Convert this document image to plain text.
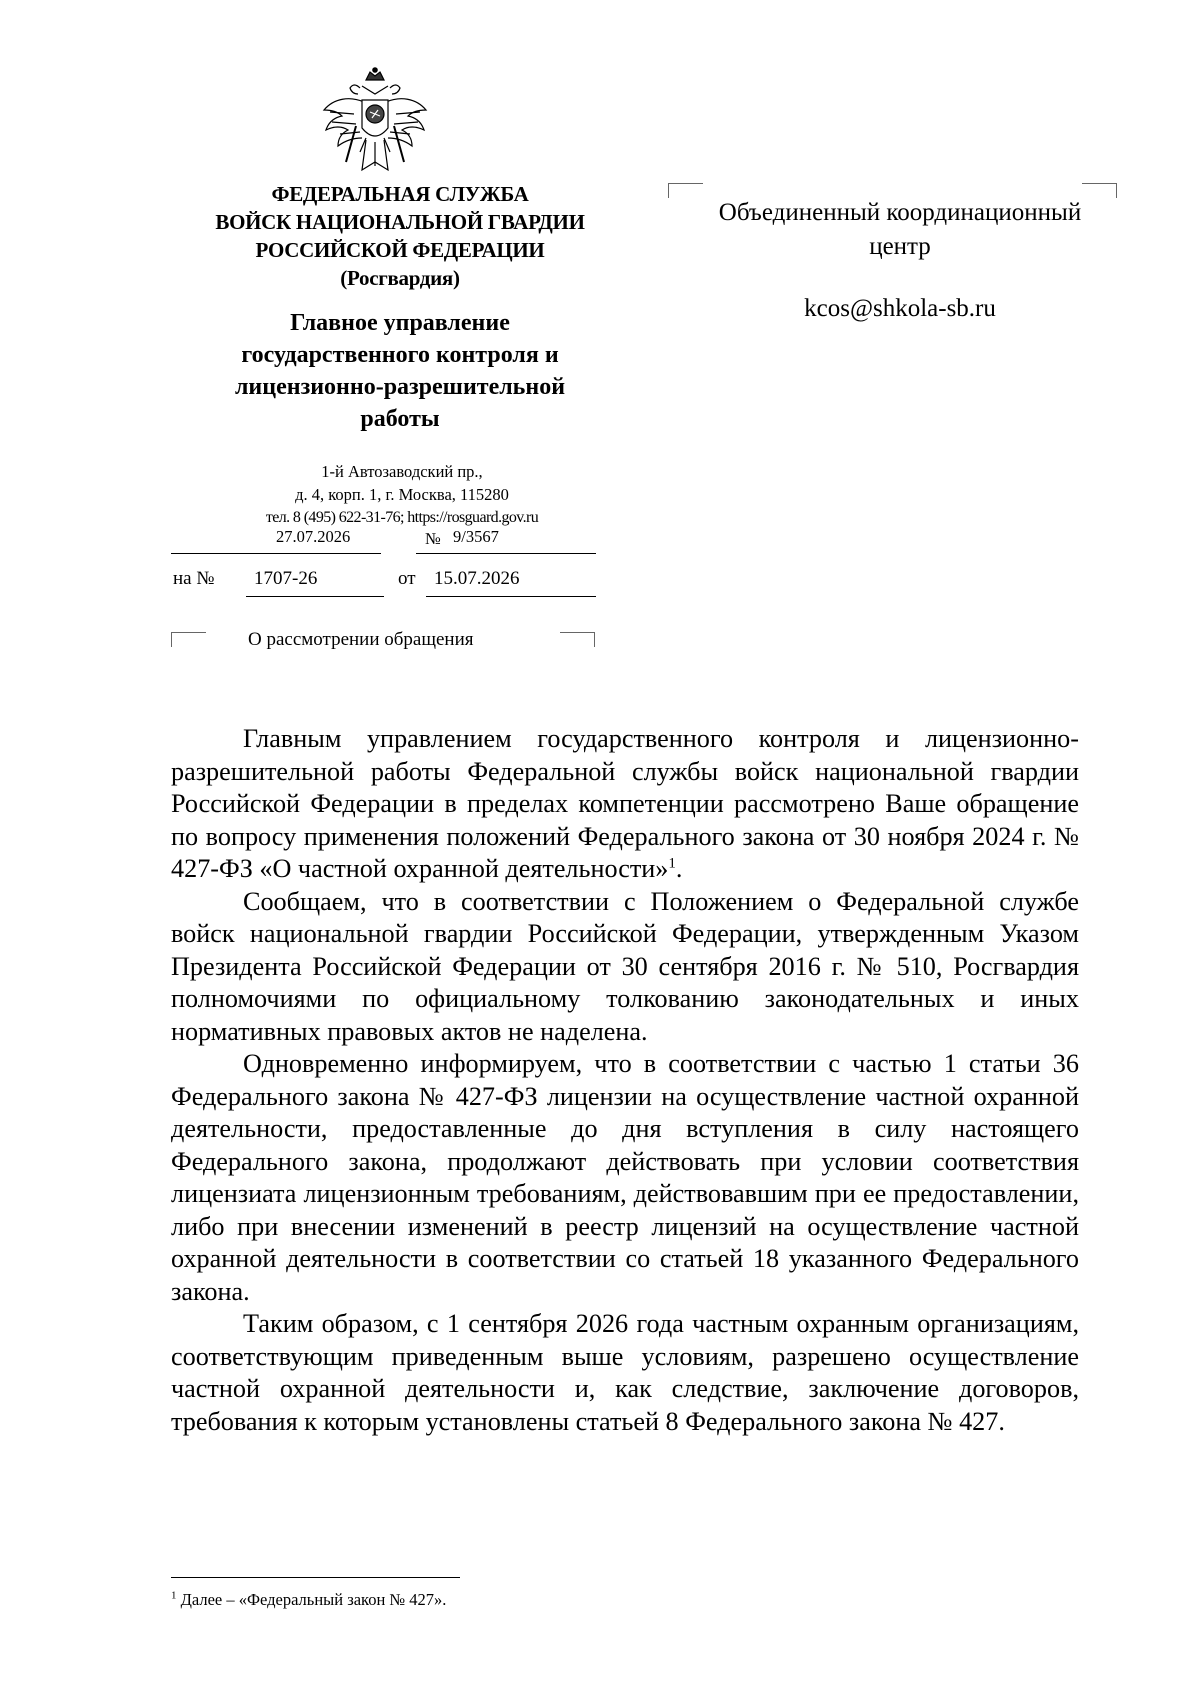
ФЕДЕРАЛЬНАЯ СЛУЖБА
ВОЙСК НАЦИОНАЛЬНОЙ ГВАРДИИ
РОССИЙСКОЙ ФЕДЕРАЦИИ
(Росгвардия)
Главное управление
государственного контроля и
лицензионно-разрешительной
работы
1-й Автозаводский пр.,
д. 4, корп. 1, г. Москва, 115280
тел. 8 (495) 622-31-76; https://rosguard.gov.ru
27.07.2026	№ 9/3567
на № 1707-26	от 15.07.2026
О рассмотрении обращения
Объединенный координационный
центр
kcos@shkola-sb.ru

Главным управлением государственного контроля и лицензионно-разрешительной работы Федеральной службы войск национальной гвардии Российской Федерации в пределах компетенции рассмотрено Ваше обращение по вопросу применения положений Федерального закона от 30 ноября 2024 г. № 427-ФЗ «О частной охранной деятельности»$^1$.

Сообщаем, что в соответствии с Положением о Федеральной службе войск национальной гвардии Российской Федерации, утвержденным Указом Президента Российской Федерации от 30 сентября 2016 г. № 510, Росгвардия полномочиями по официальному толкованию законодательных и иных нормативных правовых актов не наделена.

Одновременно информируем, что в соответствии с частью 1 статьи 36 Федерального закона № 427-ФЗ лицензии на осуществление частной охранной деятельности, предоставленные до дня вступления в силу настоящего Федерального закона, продолжают действовать при условии соответствия лицензиата лицензионным требованиям, действовавшим при ее предоставлении, либо при внесении изменений в реестр лицензий на осуществление частной охранной деятельности в соответствии со статьей 18 указанного Федерального закона.

Таким образом, с 1 сентября 2026 года частным охранным организациям, соответствующим приведенным выше условиям, разрешено осуществление частной охранной деятельности и, как следствие, заключение договоров, требования к которым установлены статьей 8 Федерального закона № 427.

$^1$ Далее – «Федеральный закон № 427».
